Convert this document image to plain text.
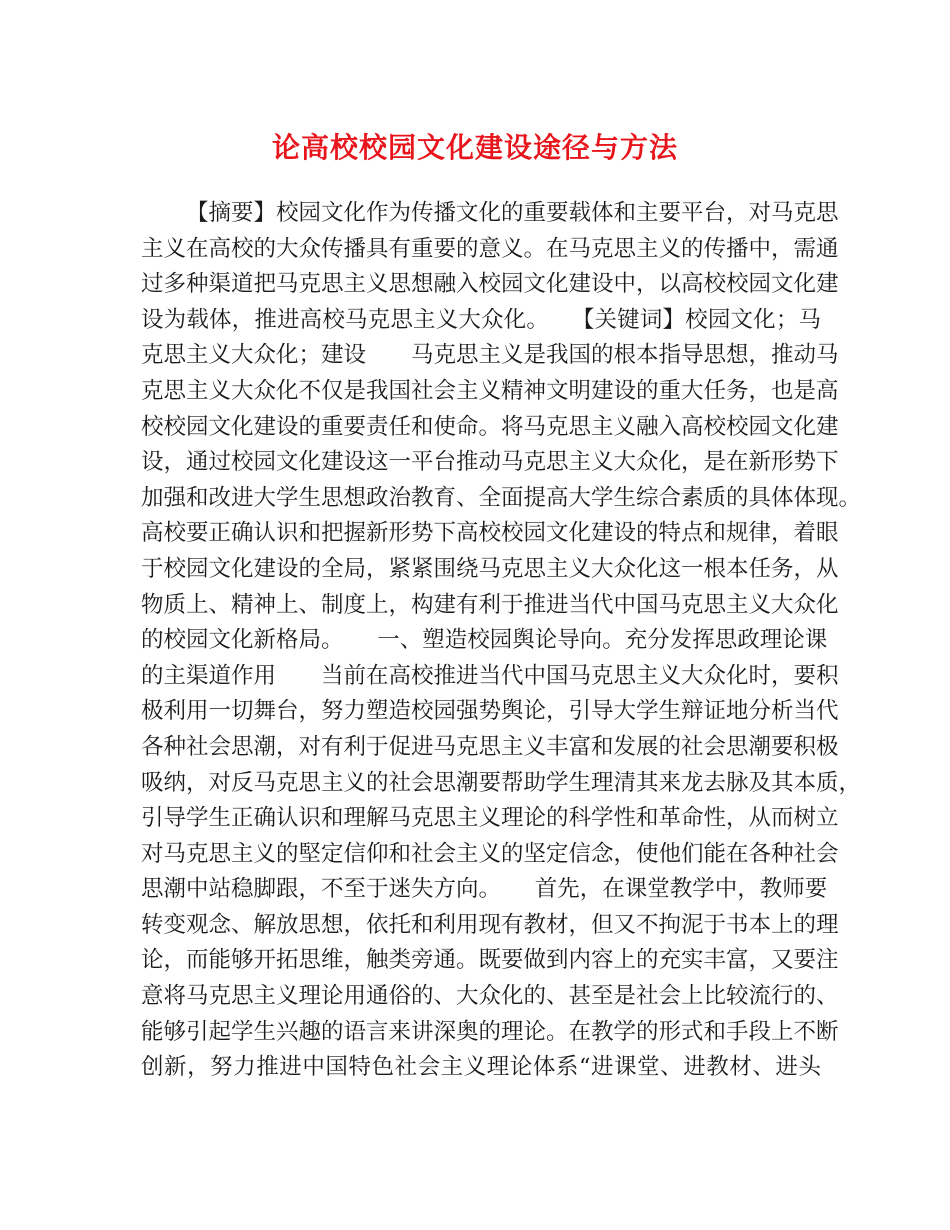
论高校校园文化建设途径与方法
【摘要】校园文化作为传播文化的重要载体和主要平台，对马克思
主义在高校的大众传播具有重要的意义。在马克思主义的传播中，需通
过多种渠道把马克思主义思想融入校园文化建设中，以高校校园文化建
设为载体，推进高校马克思主义大众化。　　【关键词】校园文化；马
克思主义大众化；建设　　马克思主义是我国的根本指导思想，推动马
克思主义大众化不仅是我国社会主义精神文明建设的重大任务，也是高
校校园文化建设的重要责任和使命。将马克思主义融入高校校园文化建
设，通过校园文化建设这一平台推动马克思主义大众化，是在新形势下
加强和改进大学生思想政治教育、全面提高大学生综合素质的具体体现。
高校要正确认识和把握新形势下高校校园文化建设的特点和规律，着眼
于校园文化建设的全局，紧紧围绕马克思主义大众化这一根本任务，从
物质上、精神上、制度上，构建有利于推进当代中国马克思主义大众化
的校园文化新格局。　　一、塑造校园舆论导向。充分发挥思政理论课
的主渠道作用　　当前在高校推进当代中国马克思主义大众化时，要积
极利用一切舞台，努力塑造校园强势舆论，引导大学生辩证地分析当代
各种社会思潮，对有利于促进马克思主义丰富和发展的社会思潮要积极
吸纳，对反马克思主义的社会思潮要帮助学生理清其来龙去脉及其本质，
引导学生正确认识和理解马克思主义理论的科学性和革命性，从而树立
对马克思主义的堅定信仰和社会主义的坚定信念，使他们能在各种社会
思潮中站稳脚跟，不至于迷失方向。　　首先，在课堂教学中，教师要
转变观念、解放思想，依托和利用现有教材，但又不拘泥于书本上的理
论，而能够开拓思维，触类旁通。既要做到内容上的充实丰富，又要注
意将马克思主义理论用通俗的、大众化的、甚至是社会上比较流行的、
能够引起学生兴趣的语言来讲深奥的理论。在教学的形式和手段上不断
创新，努力推进中国特色社会主义理论体系“进课堂、进教材、进头
